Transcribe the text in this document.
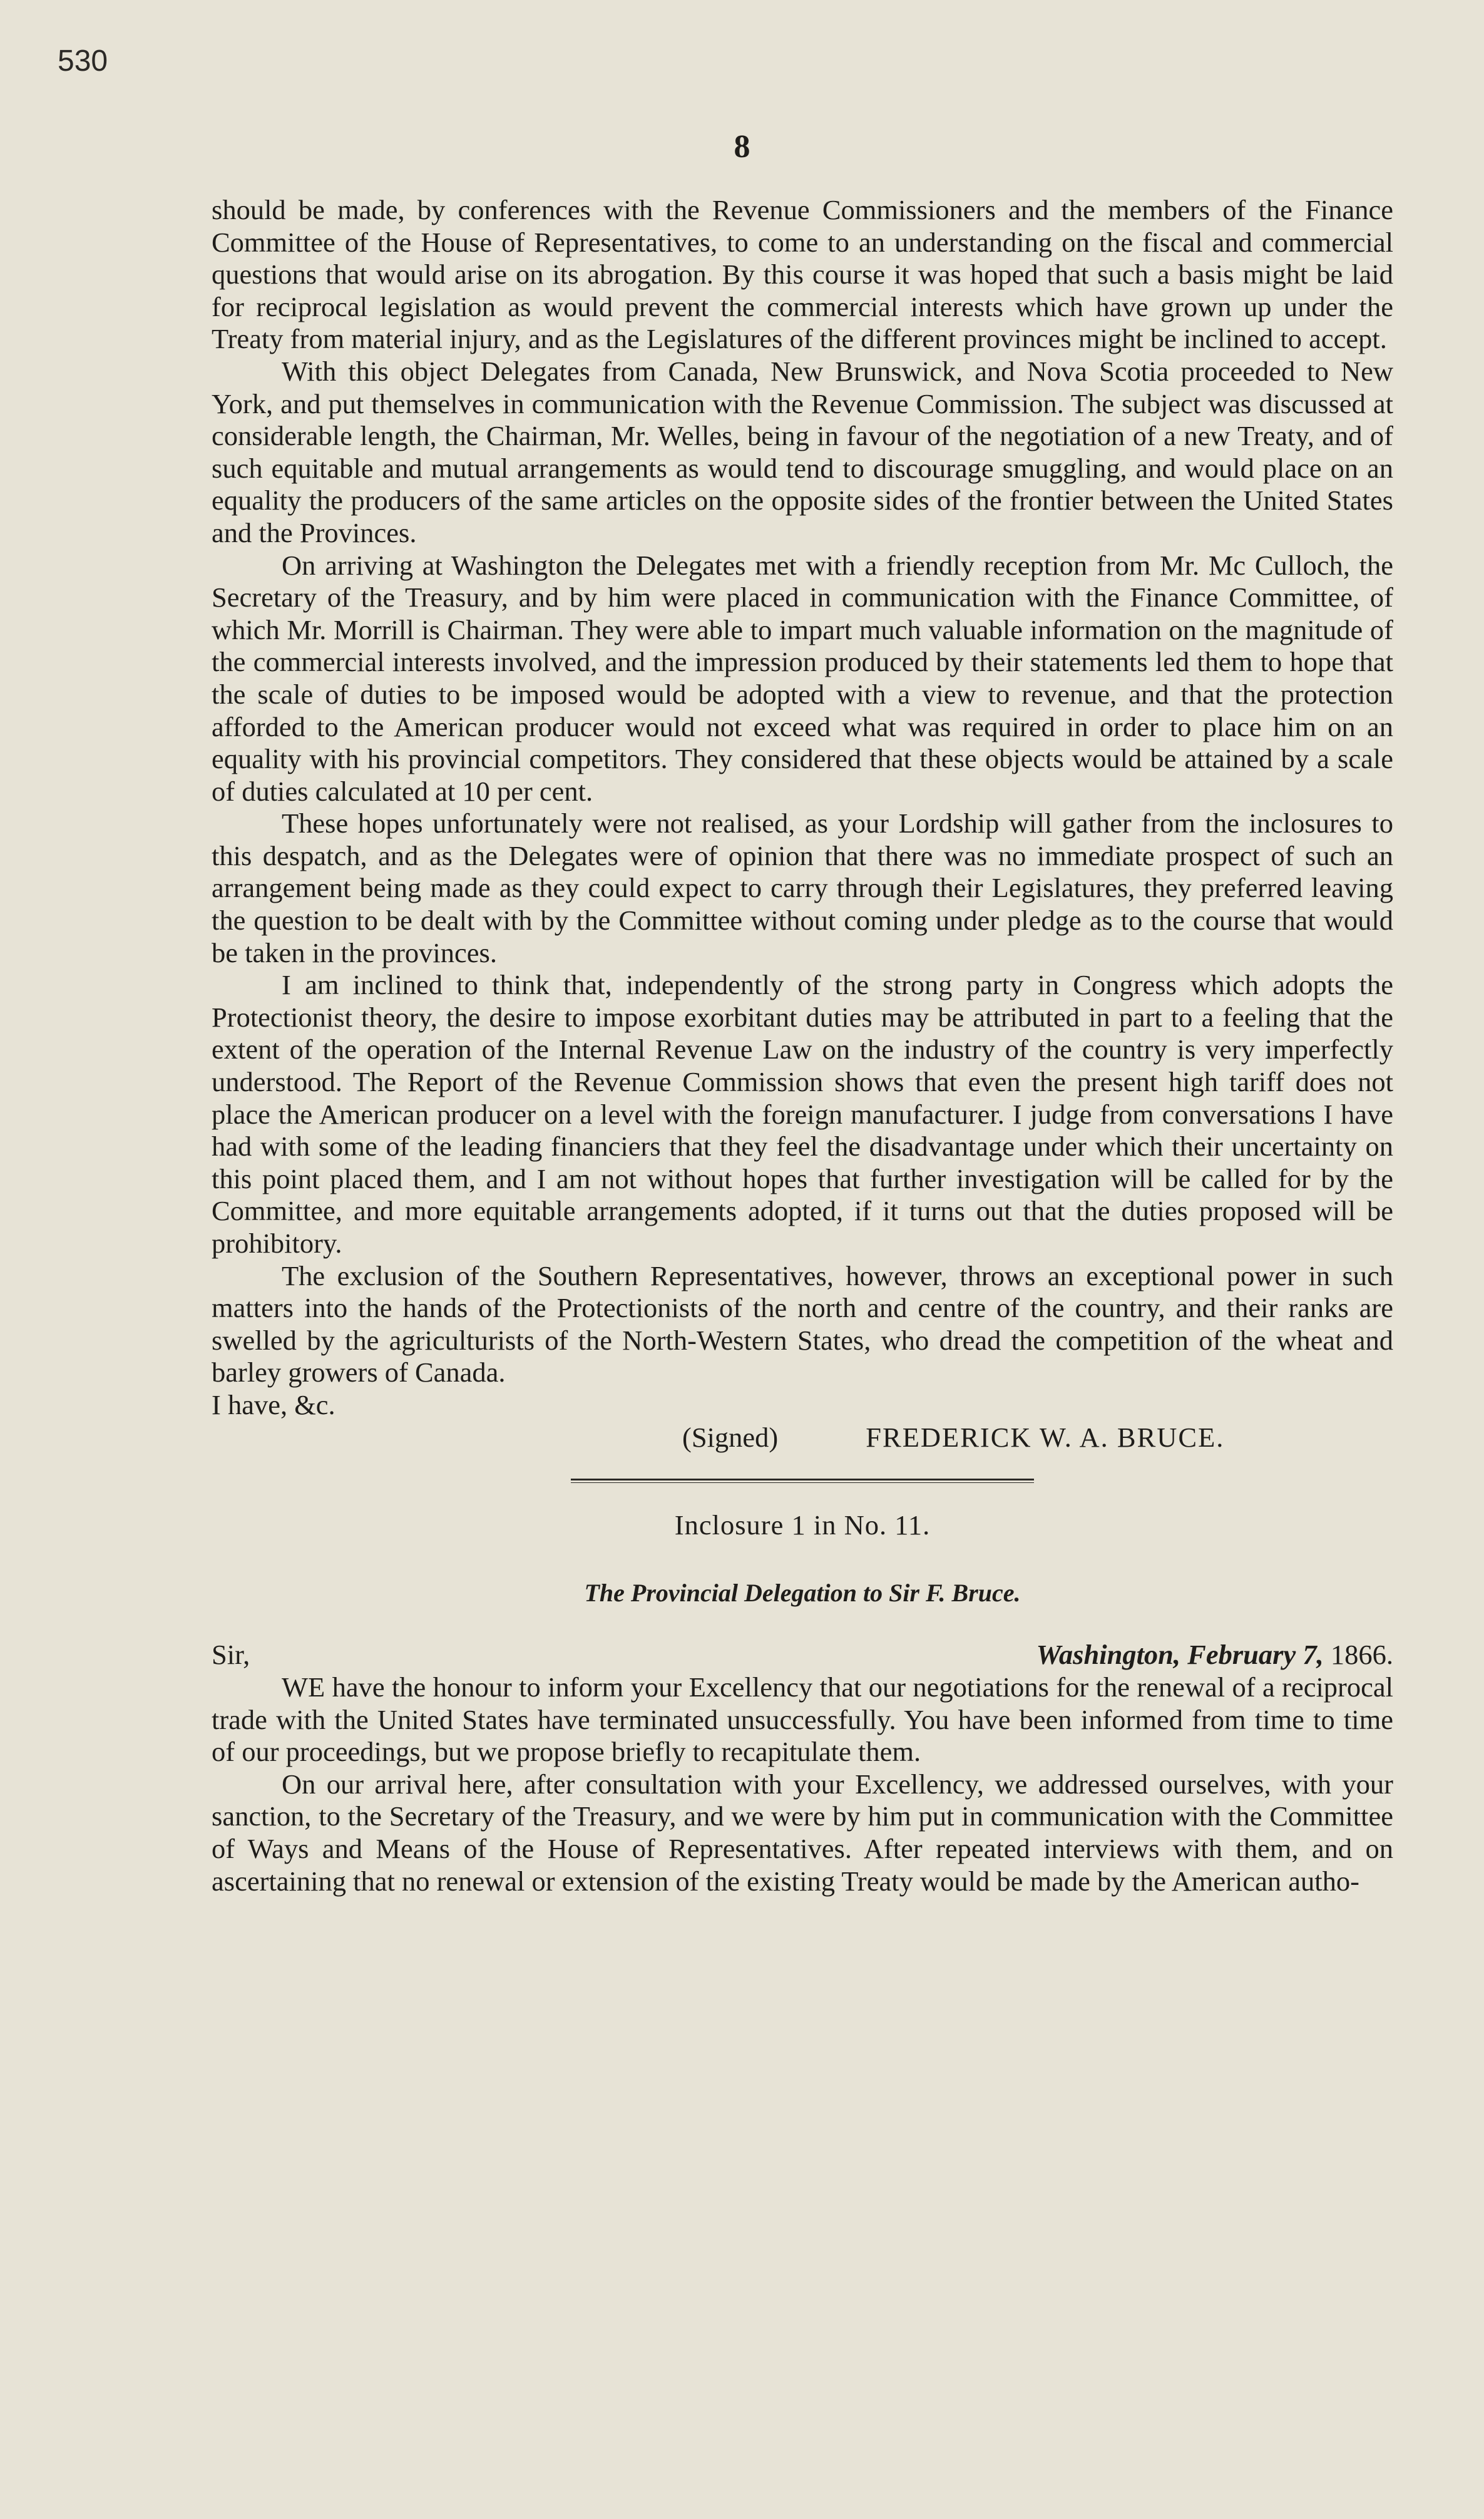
530
8

should be made, by conferences with the Revenue Commissioners and the members of the Finance Committee of the House of Representatives, to come to an understanding on the fiscal and commercial questions that would arise on its abrogation. By this course it was hoped that such a basis might be laid for reciprocal legislation as would prevent the commercial interests which have grown up under the Treaty from material injury, and as the Legislatures of the different provinces might be inclined to accept.

With this object Delegates from Canada, New Brunswick, and Nova Scotia proceeded to New York, and put themselves in communication with the Revenue Commission. The subject was discussed at considerable length, the Chairman, Mr. Welles, being in favour of the negotiation of a new Treaty, and of such equitable and mutual arrangements as would tend to discourage smuggling, and would place on an equality the producers of the same articles on the opposite sides of the frontier between the United States and the Provinces.

On arriving at Washington the Delegates met with a friendly reception from Mr. Mc Culloch, the Secretary of the Treasury, and by him were placed in communication with the Finance Committee, of which Mr. Morrill is Chairman. They were able to impart much valuable information on the magnitude of the commercial interests involved, and the impression produced by their statements led them to hope that the scale of duties to be imposed would be adopted with a view to revenue, and that the protection afforded to the American producer would not exceed what was required in order to place him on an equality with his provincial competitors. They considered that these objects would be attained by a scale of duties calculated at 10 per cent.

These hopes unfortunately were not realised, as your Lordship will gather from the inclosures to this despatch, and as the Delegates were of opinion that there was no immediate prospect of such an arrangement being made as they could expect to carry through their Legislatures, they preferred leaving the question to be dealt with by the Committee without coming under pledge as to the course that would be taken in the provinces.

I am inclined to think that, independently of the strong party in Congress which adopts the Protectionist theory, the desire to impose exorbitant duties may be attributed in part to a feeling that the extent of the operation of the Internal Revenue Law on the industry of the country is very imperfectly understood. The Report of the Revenue Commission shows that even the present high tariff does not place the American producer on a level with the foreign manufacturer. I judge from conversations I have had with some of the leading financiers that they feel the disadvantage under which their uncertainty on this point placed them, and I am not without hopes that further investigation will be called for by the Committee, and more equitable arrangements adopted, if it turns out that the duties proposed will be prohibitory.

The exclusion of the Southern Representatives, however, throws an exceptional power in such matters into the hands of the Protectionists of the north and centre of the country, and their ranks are swelled by the agriculturists of the North-Western States, who dread the competition of the wheat and barley growers of Canada.

I have, &c.

(Signed)	FREDERICK W. A. BRUCE.

Inclosure 1 in No. 11.
The Provincial Delegation to Sir F. Bruce.
Sir,	Washington, February 7, 1866.

WE have the honour to inform your Excellency that our negotiations for the renewal of a reciprocal trade with the United States have terminated unsuccessfully. You have been informed from time to time of our proceedings, but we propose briefly to recapitulate them.

On our arrival here, after consultation with your Excellency, we addressed ourselves, with your sanction, to the Secretary of the Treasury, and we were by him put in communication with the Committee of Ways and Means of the House of Representatives. After repeated interviews with them, and on ascertaining that no renewal or extension of the existing Treaty would be made by the American autho-
